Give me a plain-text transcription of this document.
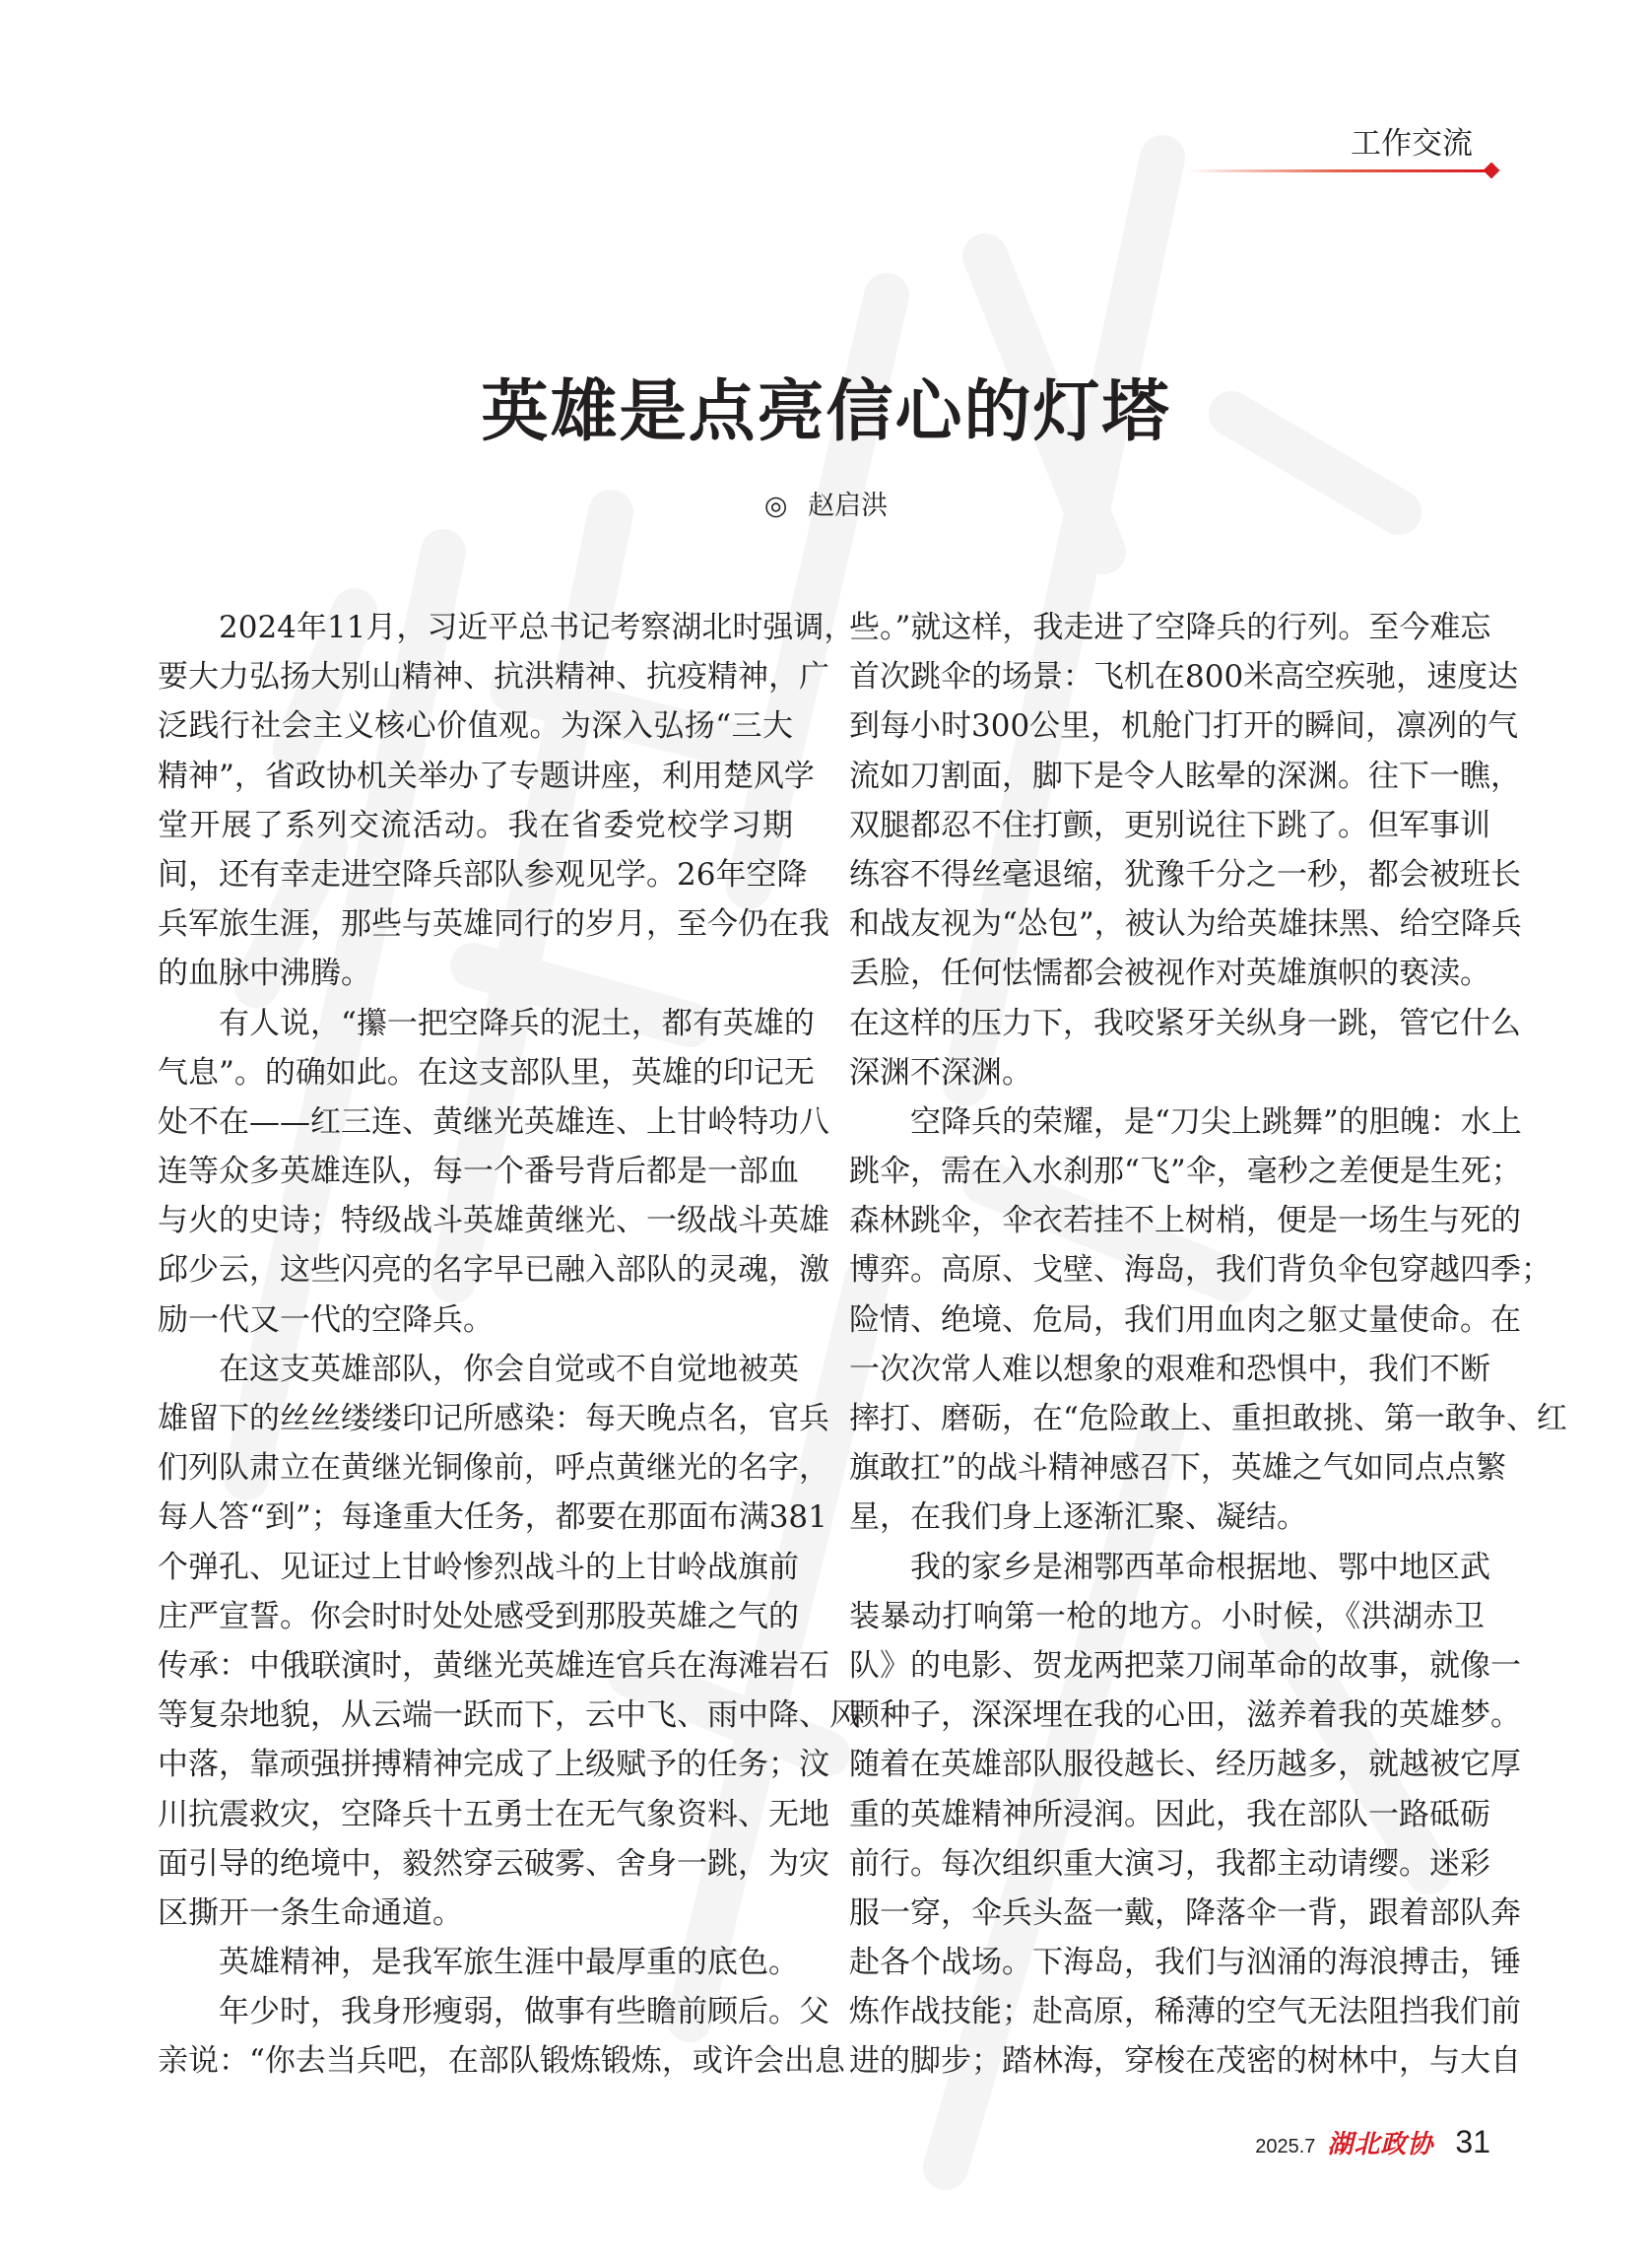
工作交流
英雄是点亮信心的灯塔
◎ 赵启洪
2024年11月，习近平总书记考察湖北时强调，
要大力弘扬大别山精神、抗洪精神、抗疫精神，广
泛践行社会主义核心价值观。为深入弘扬“三大
精神”，省政协机关举办了专题讲座，利用楚风学
堂开展了系列交流活动。我在省委党校学习期
间，还有幸走进空降兵部队参观见学。26年空降
兵军旅生涯，那些与英雄同行的岁月，至今仍在我
的血脉中沸腾。
有人说，“攥一把空降兵的泥土，都有英雄的
气息”。的确如此。在这支部队里，英雄的印记无
处不在——红三连、黄继光英雄连、上甘岭特功八
连等众多英雄连队，每一个番号背后都是一部血
与火的史诗；特级战斗英雄黄继光、一级战斗英雄
邱少云，这些闪亮的名字早已融入部队的灵魂，激
励一代又一代的空降兵。
在这支英雄部队，你会自觉或不自觉地被英
雄留下的丝丝缕缕印记所感染：每天晚点名，官兵
们列队肃立在黄继光铜像前，呼点黄继光的名字，
每人答“到”；每逢重大任务，都要在那面布满381
个弹孔、见证过上甘岭惨烈战斗的上甘岭战旗前
庄严宣誓。你会时时处处感受到那股英雄之气的
传承：中俄联演时，黄继光英雄连官兵在海滩岩石
等复杂地貌，从云端一跃而下，云中飞、雨中降、风
中落，靠顽强拼搏精神完成了上级赋予的任务；汶
川抗震救灾，空降兵十五勇士在无气象资料、无地
面引导的绝境中，毅然穿云破雾、舍身一跳，为灾
区撕开一条生命通道。
英雄精神，是我军旅生涯中最厚重的底色。
年少时，我身形瘦弱，做事有些瞻前顾后。父
亲说：“你去当兵吧，在部队锻炼锻炼，或许会出息
些。”就这样，我走进了空降兵的行列。至今难忘
首次跳伞的场景：飞机在800米高空疾驰，速度达
到每小时300公里，机舱门打开的瞬间，凛冽的气
流如刀割面，脚下是令人眩晕的深渊。往下一瞧，
双腿都忍不住打颤，更别说往下跳了。但军事训
练容不得丝毫退缩，犹豫千分之一秒，都会被班长
和战友视为“怂包”，被认为给英雄抹黑、给空降兵
丢脸，任何怯懦都会被视作对英雄旗帜的亵渎。
在这样的压力下，我咬紧牙关纵身一跳，管它什么
深渊不深渊。
空降兵的荣耀，是“刀尖上跳舞”的胆魄：水上
跳伞，需在入水刹那“飞”伞，毫秒之差便是生死；
森林跳伞，伞衣若挂不上树梢，便是一场生与死的
博弈。高原、戈壁、海岛，我们背负伞包穿越四季；
险情、绝境、危局，我们用血肉之躯丈量使命。在
一次次常人难以想象的艰难和恐惧中，我们不断
摔打、磨砺，在“危险敢上、重担敢挑、第一敢争、红
旗敢扛”的战斗精神感召下，英雄之气如同点点繁
星，在我们身上逐渐汇聚、凝结。
我的家乡是湘鄂西革命根据地、鄂中地区武
装暴动打响第一枪的地方。小时候，《洪湖赤卫
队》的电影、贺龙两把菜刀闹革命的故事，就像一
颗种子，深深埋在我的心田，滋养着我的英雄梦。
随着在英雄部队服役越长、经历越多，就越被它厚
重的英雄精神所浸润。因此，我在部队一路砥砺
前行。每次组织重大演习，我都主动请缨。迷彩
服一穿，伞兵头盔一戴，降落伞一背，跟着部队奔
赴各个战场。下海岛，我们与汹涌的海浪搏击，锤
炼作战技能；赴高原，稀薄的空气无法阻挡我们前
进的脚步；踏林海，穿梭在茂密的树林中，与大自
2025.7 湖北政协 31
